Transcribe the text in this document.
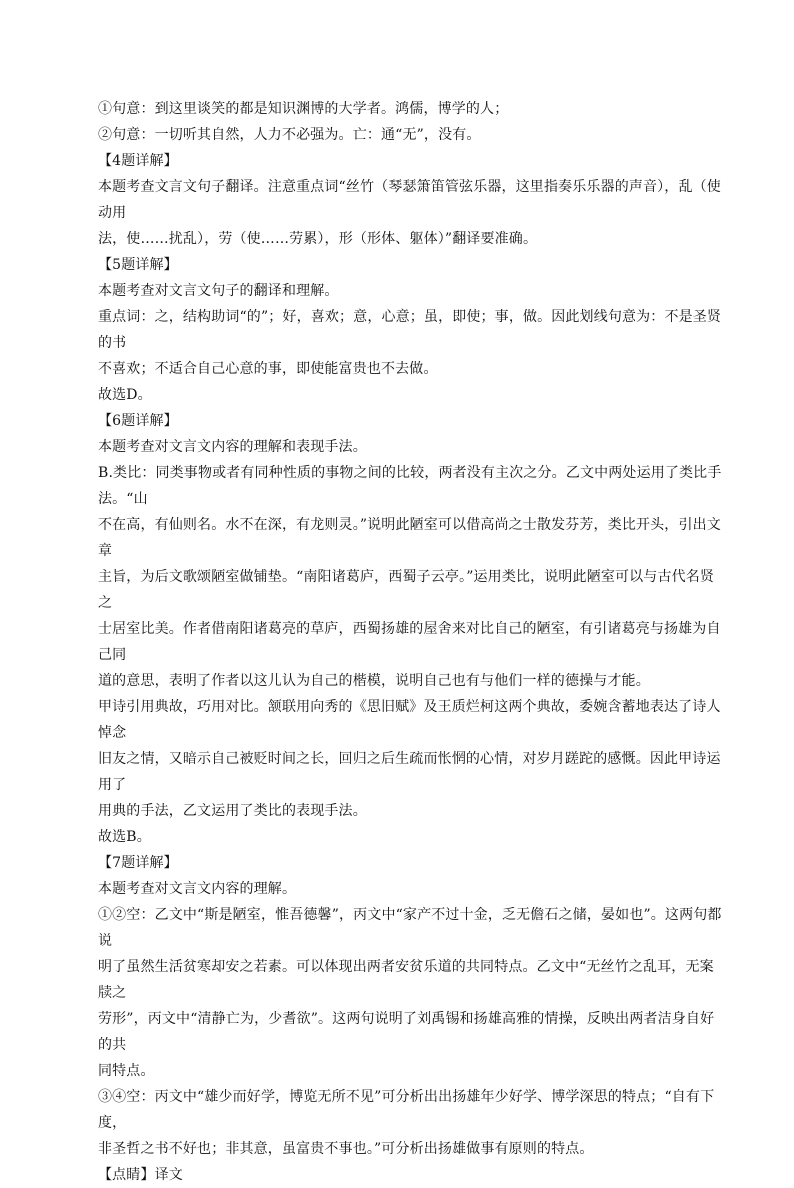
①句意：到这里谈笑的都是知识渊博的大学者。鸿儒，博学的人；

②句意：一切听其自然，人力不必强为。亡：通“无”，没有。

【4题详解】

本题考查文言文句子翻译。注意重点词“丝竹（琴瑟箫笛管弦乐器，这里指奏乐乐器的声音），乱（使动用

法，使……扰乱），劳（使……劳累），形（形体、躯体）”翻译要准确。

【5题详解】

本题考查对文言文句子的翻译和理解。

重点词：之，结构助词“的”；好，喜欢；意，心意；虽，即使；事，做。因此划线句意为：不是圣贤的书

不喜欢；不适合自己心意的事，即使能富贵也不去做。

故选D。

【6题详解】

本题考查对文言文内容的理解和表现手法。

B.类比：同类事物或者有同种性质的事物之间的比较，两者没有主次之分。乙文中两处运用了类比手法。“山

不在高，有仙则名。水不在深，有龙则灵。”说明此陋室可以借高尚之士散发芬芳，类比开头，引出文章

主旨，为后文歌颂陋室做铺垫。“南阳诸葛庐，西蜀子云亭。”运用类比，说明此陋室可以与古代名贤之

士居室比美。作者借南阳诸葛亮的草庐，西蜀扬雄的屋舍来对比自己的陋室，有引诸葛亮与扬雄为自己同

道的意思，表明了作者以这儿认为自己的楷模，说明自己也有与他们一样的德操与才能。

甲诗引用典故，巧用对比。颔联用向秀的《思旧赋》及王质烂柯这两个典故，委婉含蓄地表达了诗人悼念

旧友之情，又暗示自己被贬时间之长，回归之后生疏而怅惘的心情，对岁月蹉跎的感慨。因此甲诗运用了

用典的手法，乙文运用了类比的表现手法。

故选B。

【7题详解】

本题考查对文言文内容的理解。

①②空：乙文中“斯是陋室，惟吾德馨”，丙文中“家产不过十金，乏无儋石之储，晏如也”。这两句都说

明了虽然生活贫寒却安之若素。可以体现出两者安贫乐道的共同特点。乙文中“无丝竹之乱耳，无案牍之

劳形”，丙文中“清静亡为，少耆欲”。这两句说明了刘禹锡和扬雄高雅的情操，反映出两者洁身自好的共

同特点。

③④空：丙文中“雄少而好学，博览无所不见”可分析出出扬雄年少好学、博学深思的特点；“自有下度，

非圣哲之书不好也；非其意，虽富贵不事也。”可分析出扬雄做事有原则的特点。

【点睛】译文
